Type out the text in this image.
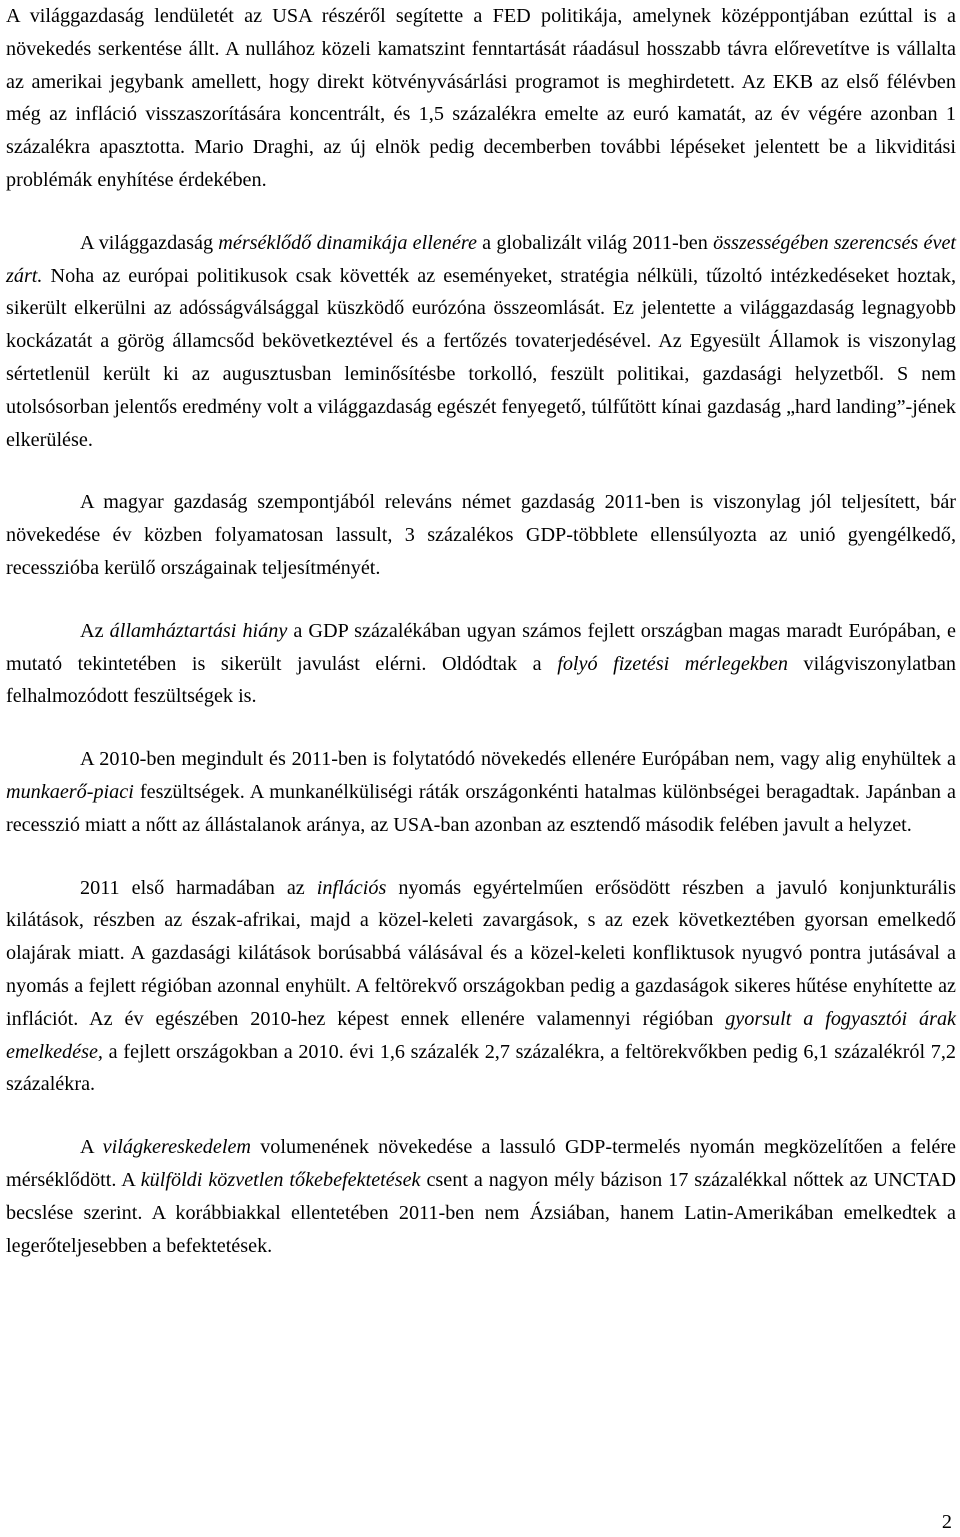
A világgazdaság lendületét az USA részéről segítette a FED politikája, amelynek középpontjában ezúttal is a növekedés serkentése állt. A nullához közeli kamatszint fenntartását ráadásul hosszabb távra előrevetítve is vállalta az amerikai jegybank amellett, hogy direkt kötvényvásárlási programot is meghirdetett. Az EKB az első félévben még az infláció visszaszorítására koncentrált, és 1,5 százalékra emelte az euró kamatát, az év végére azonban 1 százalékra apasztotta. Mario Draghi, az új elnök pedig decemberben további lépéseket jelentett be a likviditási problémák enyhítése érdekében.

A világgazdaság mérséklődő dinamikája ellenére a globalizált világ 2011-ben összességében szerencsés évet zárt. Noha az európai politikusok csak követték az eseményeket, stratégia nélküli, tűzoltó intézkedéseket hoztak, sikerült elkerülni az adósságválsággal küszködő eurózóna összeomlását. Ez jelentette a világgazdaság legnagyobb kockázatát a görög államcsőd bekövetkeztével és a fertőzés tovaterjedésével. Az Egyesült Államok is viszonylag sértetlenül került ki az augusztusban leminősítésbe torkolló, feszült politikai, gazdasági helyzetből. S nem utolsósorban jelentős eredmény volt a világgazdaság egészét fenyegető, túlfűtött kínai gazdaság „hard landing”-jének elkerülése.

A magyar gazdaság szempontjából releváns német gazdaság 2011-ben is viszonylag jól teljesített, bár növekedése év közben folyamatosan lassult, 3 százalékos GDP-többlete ellensúlyozta az unió gyengélkedő, recesszióba kerülő országainak teljesítményét.

Az államháztartási hiány a GDP százalékában ugyan számos fejlett országban magas maradt Európában, e mutató tekintetében is sikerült javulást elérni. Oldódtak a folyó fizetési mérlegekben világviszonylatban felhalmozódott feszültségek is.

A 2010-ben megindult és 2011-ben is folytatódó növekedés ellenére Európában nem, vagy alig enyhültek a munkaerő-piaci feszültségek. A munkanélküliségi ráták országonkénti hatalmas különbségei beragadtak. Japánban a recesszió miatt a nőtt az állástalanok aránya, az USA-ban azonban az esztendő második felében javult a helyzet.

2011 első harmadában az inflációs nyomás egyértelműen erősödött részben a javuló konjunkturális kilátások, részben az észak-afrikai, majd a közel-keleti zavargások, s az ezek következtében gyorsan emelkedő olajárak miatt. A gazdasági kilátások borúsabbá válásával és a közel-keleti konfliktusok nyugvó pontra jutásával a nyomás a fejlett régióban azonnal enyhült. A feltörekvő országokban pedig a gazdaságok sikeres hűtése enyhítette az inflációt. Az év egészében 2010-hez képest ennek ellenére valamennyi régióban gyorsult a fogyasztói árak emelkedése, a fejlett országokban a 2010. évi 1,6 százalék 2,7 százalékra, a feltörekvőkben pedig 6,1 százalékról 7,2 százalékra.

A világkereskedelem volumenének növekedése a lassuló GDP-termelés nyomán megközelítően a felére mérséklődött. A külföldi közvetlen tőkebefektetések csent a nagyon mély bázison 17 százalékkal nőttek az UNCTAD becslése szerint. A korábbiakkal ellentetében 2011-ben nem Ázsiában, hanem Latin-Amerikában emelkedtek a legerőteljesebben a befektetések.

2
